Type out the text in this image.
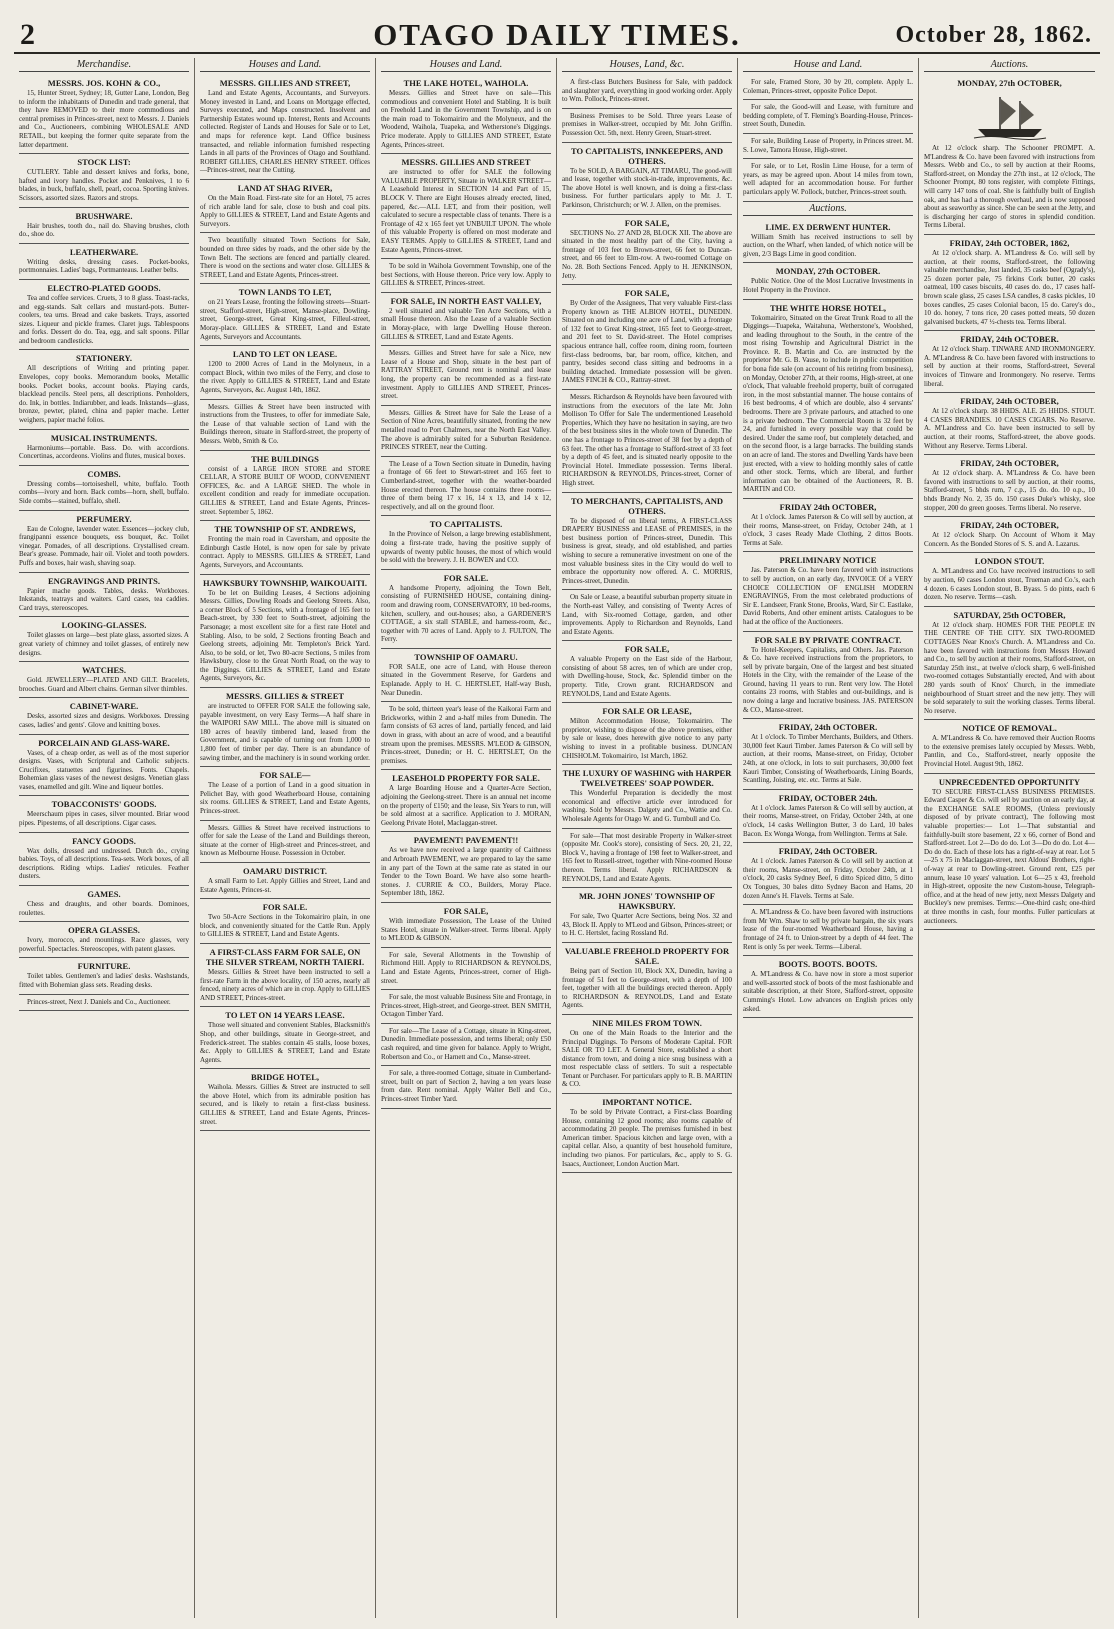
2	OTAGO DAILY TIMES.	October 28, 1862.
Merchandise.
MESSRS. JOS. KOHN & CO.,
15, Hunter Street, Sydney; 18, Gutter Lane, London, Beg to inform the inhabitants of Dunedin and trade general, that they have REMOVED to their more commodious and central premises in Princes-street, next to Messrs. J. Daniels and Co., Auctioneers, combining WHOLESALE AND RETAIL, but keeping the former quite separate from the latter department.
STOCK LIST:
CUTLERY. Table and dessert knives and forks, bone, hafted and ivory handles. Pocket and Penknives, 1 to 6 blades, in buck, buffalo, shell, pearl, cocoa. Sporting knives. Scissors, assorted sizes. Razors and strops.
BRUSHWARE.
Hair brushes, tooth do., nail do. Shaving brushes, cloth do., shoe do.
LEATHERWARE.
Writing desks, dressing cases. Pocket-books, portmonnaies. Ladies' bags, Portmanteaus. Leather belts.
ELECTRO-PLATED GOODS.
Tea and coffee services. Cruets, 3 to 8 glass. Toast-racks, and egg-stands. Salt cellars and mustard-pots. Butter-coolers, tea urns. Bread and cake baskets. Trays, assorted sizes. Liqueur and pickle frames. Claret jugs. Tablespoons and forks. Dessert do do. Tea, egg, and salt spoons. Pillar and bedroom candlesticks.
STATIONERY.
All descriptions of Writing and printing paper. Envelopes, copy books. Memorandum books, Metallic books. Pocket books, account books. Playing cards, blacklead pencils. Steel pens, all descriptions. Penholders, do. Ink, in bottles. Indiarubber, and leads. Inkstands—glass, bronze, pewter, plated, china and papier mache. Letter weighers, papier maché folios.
MUSICAL INSTRUMENTS.
Harmoniums—portable. Bass. Do. with accordions. Concertinas, accordeons. Violins and flutes, musical boxes.
COMBS.
Dressing combs—tortoiseshell, white, buffalo. Tooth combs—ivory and horn. Back combs—horn, shell, buffalo. Side combs—stained, buffalo, shell.
PERFUMERY.
Eau de Cologne, lavender water. Essences—jockey club, frangipanni essence bouquets, ess bouquet, &c. Toilet vinegar. Pomades, of all descriptions. Crystallised cream. Bear's grease. Pommade, hair oil. Violet and tooth powders. Puffs and boxes, hair wash, shaving soap.
ENGRAVINGS AND PRINTS.
Papier mache goods. Tables, desks. Workboxes. Inkstands, teatrays and waiters. Card cases, tea caddies. Card trays, stereoscopes.
LOOKING-GLASSES.
Toilet glasses on large—best plate glass, assorted sizes. A great variety of chimney and toilet glasses, of entirely new designs.
WATCHES.
Gold. JEWELLERY—PLATED AND GILT. Bracelets, brooches. Guard and Albert chains. German silver thimbles.
CABINET-WARE.
Desks, assorted sizes and designs. Workboxes. Dressing cases, ladies' and gents'. Glove and knitting boxes.
PORCELAIN AND GLASS-WARE.
Vases, of a cheap order, as well as of the most superior designs. Vases, with Scriptural and Catholic subjects. Crucifixes, statuettes and figurines. Fonts. Chapels. Bohemian glass vases of the newest designs. Venetian glass vases, enamelled and gilt. Wine and liqueur bottles.
TOBACCONISTS' GOODS.
Meerschaum pipes in cases, silver mounted. Briar wood pipes. Pipestems, of all descriptions. Cigar cases.
FANCY GOODS.
Wax dolls, dressed and undressed. Dutch do., crying babies. Toys, of all descriptions. Tea-sets. Work boxes, of all descriptions. Riding whips. Ladies' reticules. Feather dusters.
GAMES.
Chess and draughts, and other boards. Dominoes, roulettes.
OPERA GLASSES.
Ivory, morocco, and mountings. Race glasses, very powerful. Spectacles. Stereoscopes, with patent glasses.
FURNITURE.
Toilet tables. Gentlemen's and ladies' desks. Washstands, fitted with Bohemian glass sets. Reading desks.
Princes-street, Next J. Daniels and Co., Auctioneer.
Houses and Land.
MESSRS. GILLIES AND STREET,
Land and Estate Agents, Accountants, and Surveyors. Money invested in Land, and Loans on Mortgage effected, Surveys executed, and Maps constructed. Insolvent and Partnership Estates wound up. Interest, Rents and Accounts collected. Register of Lands and Houses for Sale or to Let, and maps for reference kept. Land Office business transacted, and reliable information furnished respecting Lands in all parts of the Provinces of Otago and Southland. ROBERT GILLIES, CHARLES HENRY STREET. Offices—Princes-street, near the Cutting.
LAND AT SHAG RIVER,
On the Main Road. First-rate site for an Hotel, 75 acres of rich arable land for sale, close to bush and coal pits. Apply to GILLIES & STREET, Land and Estate Agents and Surveyors.
Two beautifully situated Town Sections for Sale, bounded on three sides by roads, and the other side by the Town Belt. The sections are fenced and partially cleared. There is wood on the sections and water close. GILLIES & STREET, Land and Estate Agents, Princes-street.
TOWN LANDS TO LET,
on 21 Years Lease, fronting the following streets—Stuart-street, Stafford-street, High-street, Manse-place, Dowling-street, George-street, Great King-street, Filleul-street, Moray-place. GILLIES & STREET, Land and Estate Agents, Surveyors and Accountants.
LAND TO LET ON LEASE.
1200 to 2000 Acres of Land in the Molyneux, in a compact Block, within two miles of the Ferry, and close to the river. Apply to GILLIES & STREET, Land and Estate Agents, Surveyors, &c. August 14th, 1862.
Messrs. Gillies & Street have been instructed with instructions from the Trustees, to offer for immediate Sale, the Lease of that valuable section of Land with the Buildings thereon, situate in Stafford-street, the property of Messrs. Webb, Smith & Co.
THE BUILDINGS
consist of a LARGE IRON STORE and STORE CELLAR, A STORE BUILT OF WOOD, CONVENIENT OFFICES, &c. and A LARGE SHED. The whole in excellent condition and ready for immediate occupation. GILLIES & STREET, Land and Estate Agents, Princes-street. September 5, 1862.
THE TOWNSHIP OF ST. ANDREWS,
Fronting the main road in Caversham, and opposite the Edinburgh Castle Hotel, is now open for sale by private contract. Apply to MESSRS. GILLIES & STREET, Land Agents, Surveyors, and Accountants.
HAWKSBURY TOWNSHIP, WAIKOUAITI.
To be let on Building Leases, 4 Sections adjoining Messrs. Gillies, Dowling Roads and Geelong Streets. Also, a corner Block of 5 Sections, with a frontage of 165 feet to Beach-street, by 330 feet to South-street, adjoining the Parsonage; a most excellent site for a first rate Hotel and Stabling. Also, to be sold, 2 Sections fronting Beach and Geelong streets, adjoining Mr. Templeton's Brick Yard. Also, to be sold, or let, Two 80-acre Sections, 5 miles from Hawksbury, close to the Great North Road, on the way to the Diggings. GILLIES & STREET, Land and Estate Agents, Surveyors, &c.
MESSRS. GILLIES & STREET
are instructed to OFFER FOR SALE the following sale, payable investment, on very Easy Terms—A half share in the WAIPORI SAW MILL. The above mill is situated on 180 acres of heavily timbered land, leased from the Government, and is capable of turning out from 1,000 to 1,800 feet of timber per day. There is an abundance of sawing timber, and the machinery is in sound working order.
FOR SALE—
The Lease of a portion of Land in a good situation in Pelichet Bay, with good Weatherboard House, containing six rooms. GILLIES & STREET, Land and Estate Agents, Princes-street.
Messrs. Gillies & Street have received instructions to offer for sale the Lease of the Land and Buildings thereon, situate at the corner of High-street and Princes-street, and known as Melbourne House. Possession in October.
OAMARU DISTRICT.
A small Farm to Let. Apply Gillies and Street, Land and Estate Agents, Princes-st.
FOR SALE.
Two 50-Acre Sections in the Tokomairiro plain, in one block, and conveniently situated for the Cattle Run. Apply to GILLIES & STREET, Land and Estate Agents.
A FIRST-CLASS FARM FOR SALE, ON THE SILVER STREAM, NORTH TAIERI.
Messrs. Gillies & Street have been instructed to sell a first-rate Farm in the above locality, of 150 acres, nearly all fenced, ninety acres of which are in crop. Apply to GILLIES AND STREET, Princes-street.
TO LET ON 14 YEARS LEASE.
Those well situated and convenient Stables, Blacksmith's Shop, and other buildings, situate in George-street, and Frederick-street. The stables contain 45 stalls, loose boxes, &c. Apply to GILLIES & STREET, Land and Estate Agents.
BRIDGE HOTEL,
Waihola. Messrs. Gillies & Street are instructed to sell the above Hotel, which from its admirable position has secured, and is likely to retain a first-class business. GILLIES & STREET, Land and Estate Agents, Princes-street.
Houses and Land.
THE LAKE HOTEL, WAIHOLA.
Messrs. Gillies and Street have on sale—This commodious and convenient Hotel and Stabling. It is built on Freehold Land in the Government Township, and is on the main road to Tokomairiro and the Molyneux, and the Woodend, Waihola, Tuapeka, and Wetherstone's Diggings. Price moderate. Apply to GILLIES AND STREET, Estate Agents, Princes-street.
MESSRS. GILLIES AND STREET
are instructed to offer for SALE the following VALUABLE PROPERTY, Situate in WALKER STREET—A Leasehold Interest in SECTION 14 and Part of 15, BLOCK V. There are Eight Houses already erected, lined, papered, &c.—ALL LET, and from their position, well calculated to secure a respectable class of tenants. There is a Frontage of 42 x 165 feet yet UNBUILT UPON. The whole of this valuable Property is offered on most moderate and EASY TERMS. Apply to GILLIES & STREET, Land and Estate Agents, Princes-street.
To be sold in Waihola Government Township, one of the best Sections, with House thereon. Price very low. Apply to GILLIES & STREET, Princes-street.
FOR SALE, IN NORTH EAST VALLEY,
2 well situated and valuable Ten Acre Sections, with a small House thereon. Also the Lease of a valuable Section in Moray-place, with large Dwelling House thereon. GILLIES & STREET, Land and Estate Agents.
Messrs. Gillies and Street have for sale a Nice, new Lease of a House and Shop, situate in the best part of RATTRAY STREET, Ground rent is nominal and lease long, the property can be recommended as a first-rate investment. Apply to GILLIES AND STREET, Princes-street.
Messrs. Gillies & Street have for Sale the Lease of a Section of Nine Acres, beautifully situated, fronting the new metalled road to Port Chalmers, near the North East Valley. The above is admirably suited for a Suburban Residence. PRINCES STREET, near the Cutting.
The Lease of a Town Section situate in Dunedin, having a frontage of 66 feet to Stewart-street and 165 feet to Cumberland-street, together with the weather-boarded House erected thereon. The house contains three rooms—three of them being 17 x 16, 14 x 13, and 14 x 12, respectively, and all on the ground floor.
TO CAPITALISTS.
In the Province of Nelson, a large brewing establishment, doing a first-rate trade, having the positive supply of upwards of twenty public houses, the most of which would be sold with the brewery. J. H. BOWEN and CO.
FOR SALE.
A handsome Property, adjoining the Town Belt, consisting of FURNISHED HOUSE, containing dining-room and drawing room, CONSERVATORY, 10 bed-rooms, kitchen, scullery, and out-houses; also, a GARDENER'S COTTAGE, a six stall STABLE, and harness-room, &c., together with 70 acres of Land. Apply to J. FULTON, The Ferry.
TOWNSHIP OF OAMARU.
FOR SALE, one acre of Land, with House thereon situated in the Government Reserve, for Gardens and Esplanade. Apply to H. C. HERTSLET, Half-way Bush, Near Dunedin.
To be sold, thirteen year's lease of the Kaikorai Farm and Brickworks, within 2 and a-half miles from Dunedin. The farm consists of 63 acres of land, partially fenced, and laid down in grass, with about an acre of wood, and a beautiful stream upon the premises. MESSRS. M'LEOD & GIBSON, Princes-street, Dunedin; or H. C. HERTSLET, On the premises.
LEASEHOLD PROPERTY FOR SALE.
A large Boarding House and a Quarter-Acre Section, adjoining the Geelong-street. There is an annual net income on the property of £150; and the lease, Six Years to run, will be sold almost at a sacrifice. Application to J. MORAN, Geelong Private Hotel, Maclaggan-street.
PAVEMENT! PAVEMENT!!
As we have now received a large quantity of Caithness and Arbroath PAVEMENT, we are prepared to lay the same in any part of the Town at the same rate as stated in our Tender to the Town Board. We have also some hearth-stones. J. CURRIE & CO., Builders, Moray Place. September 18th, 1862.
FOR SALE,
With immediate Possession, The Lease of the United States Hotel, situate in Walker-street. Terms liberal. Apply to M'LEOD & GIBSON.
For sale, Several Allotments in the Township of Richmond Hill. Apply to RICHARDSON & REYNOLDS, Land and Estate Agents, Princes-street, corner of High-street.
For sale, the most valuable Business Site and Frontage, in Princes-street, High-street, and George-street. BEN SMITH, Octagon Timber Yard.
For sale—The Lease of a Cottage, situate in King-street, Dunedin. Immediate possession, and terms liberal; only £50 cash required, and time given for balance. Apply to Wright, Robertson and Co., or Harnett and Co., Manse-street.
For sale, a three-roomed Cottage, situate in Cumberland-street, built on part of Section 2, having a ten years lease from date. Rent nominal. Apply Walter Bell and Co., Princes-street Timber Yard.
Houses, Land, &c.
A first-class Butchers Business for Sale, with paddock and slaughter yard, everything in good working order. Apply to Wm. Pollock, Princes-street.
Business Premises to be Sold. Three years Lease of premises in Walker-street, occupied by Mr. John Griffin. Possession Oct. 5th, next. Henry Green, Stuart-street.
TO CAPITALISTS, INNKEEPERS, AND OTHERS.
To be SOLD, A BARGAIN, AT TIMARU, The good-will and lease, together with stock-in-trade, improvements, &c. The above Hotel is well known, and is doing a first-class business. For further particulars apply to Mr. J. T. Parkinson, Christchurch; or W. J. Allen, on the premises.
FOR SALE,
SECTIONS No. 27 AND 28, BLOCK XII. The above are situated in the most healthy part of the City, having a frontage of 103 feet to Brown-street, 66 feet to Duncan-street, and 66 feet to Elm-row. A two-roomed Cottage on No. 28. Both Sections Fenced. Apply to H. JENKINSON, Jetty.
FOR SALE,
By Order of the Assignees, That very valuable First-class Property known as THE ALBION HOTEL, DUNEDIN. Situated on and including one acre of Land, with a frontage of 132 feet to Great King-street, 165 feet to George-street, and 201 feet to St. David-street. The Hotel comprises spacious entrance hall, coffee room, dining room, fourteen first-class bedrooms, bar, bar room, office, kitchen, and pantry, besides second class sitting and bedrooms in a building detached. Immediate possession will be given. JAMES FINCH & CO., Rattray-street.
Messrs. Richardson & Reynolds have been favoured with instructions from the executors of the late Mr. John Mollison To Offer for Sale The undermentioned Leasehold Properties, Which they have no hesitation in saying, are two of the best business sites in the whole town of Dunedin. The one has a frontage to Princes-street of 38 feet by a depth of 63 feet. The other has a frontage to Stafford-street of 33 feet by a depth of 45 feet, and is situated nearly opposite to the Provincial Hotel. Immediate possession. Terms liberal. RICHARDSON & REYNOLDS, Princes-street, Corner of High street.
TO MERCHANTS, CAPITALISTS, AND OTHERS.
To be disposed of on liberal terms, A FIRST-CLASS DRAPERY BUSINESS and LEASE of PREMISES, in the best business portion of Princes-street, Dunedin. This business is great, steady, and old established, and parties wishing to secure a remunerative investment on one of the most valuable business sites in the City would do well to embrace the opportunity now offered. A. C. MORRIS, Princes-street, Dunedin.
On Sale or Lease, a beautiful suburban property situate in the North-east Valley, and consisting of Twenty Acres of Land, with Six-roomed Cottage, garden, and other improvements. Apply to Richardson and Reynolds, Land and Estate Agents.
FOR SALE,
A valuable Property on the East side of the Harbour, consisting of about 58 acres, ten of which are under crop, with Dwelling-house, Stock, &c. Splendid timber on the property. Title, Crown grant. RICHARDSON and REYNOLDS, Land and Estate Agents.
FOR SALE OR LEASE,
Milton Accommodation House, Tokomairiro. The proprietor, wishing to dispose of the above premises, either by sale or lease, does herewith give notice to any party wishing to invest in a profitable business. DUNCAN CHISHOLM. Tokomairiro, 1st March, 1862.
THE LUXURY OF WASHING with HARPER TWELVETREES' SOAP POWDER.
This Wonderful Preparation is decidedly the most economical and effective article ever introduced for washing. Sold by Messrs. Dalgety and Co., Wattie and Co. Wholesale Agents for Otago W. and G. Turnbull and Co.
For sale—That most desirable Property in Walker-street (opposite Mr. Cook's store), consisting of Secs. 20, 21, 22, Block V., having a frontage of 198 feet to Walker-street, and 165 feet to Russell-street, together with Nine-roomed House thereon. Terms liberal. Apply RICHARDSON & REYNOLDS, Land and Estate Agents.
MR. JOHN JONES' TOWNSHIP OF HAWKSBURY.
For sale, Two Quarter Acre Sections, being Nos. 32 and 43, Block II. Apply to M'Leod and Gibson, Princes-street; or to H. C. Hertslet, facing Rossland Rd.
VALUABLE FREEHOLD PROPERTY FOR SALE.
Being part of Section 10, Block XX, Dunedin, having a frontage of 51 feet to George-street, with a depth of 100 feet, together with all the buildings erected thereon. Apply to RICHARDSON & REYNOLDS, Land and Estate Agents.
NINE MILES FROM TOWN.
On one of the Main Roads to the Interior and the Principal Diggings. To Persons of Moderate Capital. FOR SALE OR TO LET. A General Store, established a short distance from town, and doing a nice snug business with a most respectable class of settlers. To suit a respectable Tenant or Purchaser. For particulars apply to R. B. MARTIN & CO.
IMPORTANT NOTICE.
To be sold by Private Contract, a First-class Boarding House, containing 12 good rooms; also rooms capable of accommodating 20 people. The premises furnished in best American timber. Spacious kitchen and large oven, with a capital cellar. Also, a quantity of best household furniture, including two pianos. For particulars, &c., apply to S. G. Isaacs, Auctioneer, London Auction Mart.
House and Land.
For sale, Framed Store, 30 by 20, complete. Apply L. Coleman, Princes-street, opposite Police Depot.
For sale, the Good-will and Lease, with furniture and bedding complete, of T. Fleming's Boarding-House, Princes-street South, Dunedin.
For sale, Building Lease of Property, in Princes street. M. S. Lowe, Tamora House, High-street.
For sale, or to Let, Roslin Lime House, for a term of years, as may be agreed upon. About 14 miles from town, well adapted for an accommodation house. For further particulars apply W. Pollock, butcher, Princes-street south.
Auctions.
LIME. EX DERWENT HUNTER.
William Smith has received instructions to sell by auction, on the Wharf, when landed, of which notice will be given, 2/3 Bags Lime in good condition.
MONDAY, 27th OCTOBER.
Public Notice. One of the Most Lucrative Investments in Hotel Property in the Province.
THE WHITE HORSE HOTEL,
Tokomairiro, Situated on the Great Trunk Road to all the Diggings—Tuapeka, Waitahuna, Wetherstone's, Woolshed, and leading throughout to the South, in the centre of the most rising Township and Agricultural District in the Province. R. B. Martin and Co. are instructed by the proprietor Mr. G. B. Vause, to include in public competition for bona fide sale (on account of his retiring from business), on Monday, October 27th, at their rooms, High-street, at one o'clock, That valuable freehold property, built of corrugated iron, in the most substantial manner. The house contains of 16 best bedrooms, 4 of which are double, also 4 servants' bedrooms. There are 3 private parlours, and attached to one is a private bedroom. The Commercial Room is 32 feet by 24, and furnished in every possible way that could be desired. Under the same roof, but completely detached, and on the second floor, is a large barracks. The building stands on an acre of land. The stores and Dwelling Yards have been just erected, with a view to holding monthly sales of cattle and other stock. Terms, which are liberal, and further information can be obtained of the Auctioneers, R. B. MARTIN and CO.
FRIDAY 24th OCTOBER,
At 1 o'clock. James Paterson & Co will sell by auction, at their rooms, Manse-street, on Friday, October 24th, at 1 o'clock, 3 cases Ready Made Clothing, 2 dittos Boots. Terms at Sale.
PRELIMINARY NOTICE
Jas. Paterson & Co. have been favored with instructions to sell by auction, on an early day, INVOICE Of a VERY CHOICE COLLECTION OF ENGLISH MODERN ENGRAVINGS, From the most celebrated productions of Sir E. Landseer, Frank Stone, Brooks, Ward, Sir C. Eastlake, David Roberts, And other eminent artists. Catalogues to be had at the office of the Auctioneers.
FOR SALE BY PRIVATE CONTRACT.
To Hotel-Keepers, Capitalists, and Others. Jas. Paterson & Co. have received instructions from the proprietors, to sell by private bargain, One of the largest and best situated Hotels in the City, with the remainder of the Lease of the Ground, having 11 years to run. Rent very low. The Hotel contains 23 rooms, with Stables and out-buildings, and is now doing a large and lucrative business. JAS. PATERSON & CO., Manse-street.
FRIDAY, 24th OCTOBER.
At 1 o'clock. To Timber Merchants, Builders, and Others. 30,000 feet Kauri Timber. James Paterson & Co will sell by auction, at their rooms, Manse-street, on Friday, October 24th, at one o'clock, in lots to suit purchasers, 30,000 feet Kauri Timber, Consisting of Weatherboards, Lining Boards, Scantling, Joisting, etc. etc. Terms at Sale.
FRIDAY, OCTOBER 24th.
At 1 o'clock. James Paterson & Co will sell by auction, at their rooms, Manse-street, on Friday, October 24th, at one o'clock, 14 casks Wellington Butter, 3 do Lard, 10 bales Bacon. Ex Wonga Wonga, from Wellington. Terms at Sale.
FRIDAY, 24th OCTOBER.
At 1 o'clock. James Paterson & Co will sell by auction at their rooms, Manse-street, on Friday, October 24th, at 1 o'clock, 20 casks Sydney Beef, 6 ditto Spiced ditto, 5 ditto Ox Tongues, 30 bales ditto Sydney Bacon and Hams, 20 dozen Anne's H. Flavels. Terms at Sale.
A. M'Landress & Co. have been favored with instructions from Mr Wm. Shaw to sell by private bargain, the six years lease of the four-roomed Weatherboard House, having a frontage of 24 ft. to Union-street by a depth of 44 feet. The Rent is only 5s per week. Terms—Liberal.
BOOTS. BOOTS. BOOTS.
A. M'Landress & Co. have now in store a most superior and well-assorted stock of boots of the most fashionable and suitable description, at their Store, Stafford-street, opposite Cumming's Hotel. Low advances on English prices only asked.
Auctions.
MONDAY, 27th OCTOBER,
At 12 o'clock sharp. The Schooner PROMPT. A. M'Landress & Co. have been favored with instructions from Messrs. Webb and Co., to sell by auction at their Rooms, Stafford-street, on Monday the 27th inst., at 12 o'clock, The Schooner Prompt, 80 tons register, with complete Fittings, will carry 147 tons of coal. She is faithfully built of English oak, and has had a thorough overhaul, and is now supposed about as seaworthy as since. She can be seen at the Jetty, and is discharging her cargo of stores in splendid condition. Terms Liberal.
FRIDAY, 24th OCTOBER, 1862,
At 12 o'clock sharp. A. M'Landress & Co. will sell by auction, at their rooms, Stafford-street, the following valuable merchandise, Just landed, 35 casks beef (Ogrady's), 25 dozen porter pale, 75 firkins Cork butter, 20 casks oatmeal, 100 cases biscuits, 40 cases do. do., 17 cases half-brown scale glass, 25 cases LSA candles, 8 casks pickles, 10 boxes candles, 25 cases Colonial bacon, 15 do. Carey's do., 10 do. honey, 7 tons rice, 20 cases potted meats, 50 dozen galvanised buckets, 47 ½-chests tea. Terms liberal.
FRIDAY, 24th OCTOBER.
At 12 o'clock Sharp. TINWARE AND IRONMONGERY. A. M'Landress & Co. have been favored with instructions to sell by auction at their rooms, Stafford-street, Several invoices of Tinware and Ironmongery. No reserve. Terms liberal.
FRIDAY, 24th OCTOBER,
At 12 o'clock sharp. 38 HHDS. ALE. 25 HHDS. STOUT. 4 CASES BRANDIES. 10 CASES CIGARS. No Reserve. A. M'Landress and Co. have been instructed to sell by auction, at their rooms, Stafford-street, the above goods. Without any Reserve. Terms Liberal.
FRIDAY, 24th OCTOBER,
At 12 o'clock sharp. A. M'Landress & Co. have been favored with instructions to sell by auction, at their rooms, Stafford-street, 5 bhds rum, 7 c.p., 15 do. do. 10 o.p., 10 bhds Brandy No. 2, 35 do. 150 cases Duke's whisky, sloe stopper, 200 do green gooses. Terms liberal. No reserve.
FRIDAY, 24th OCTOBER,
At 12 o'clock Sharp. On Account of Whom it May Concern. As the Bonded Stores of S. S. and A. Lazarus.
LONDON STOUT.
A. M'Landress and Co. have received instructions to sell by auction, 60 cases London stout, Trueman and Co.'s, each 4 dozen. 6 cases London stout, B. Byass. 5 do pints, each 6 dozen. No reserve. Terms—cash.
SATURDAY, 25th OCTOBER,
At 12 o'clock sharp. HOMES FOR THE PEOPLE IN THE CENTRE OF THE CITY. SIX TWO-ROOMED COTTAGES Near Knox's Church. A. M'Landress and Co. have been favored with instructions from Messrs Howard and Co., to sell by auction at their rooms, Stafford-street, on Saturday 25th inst., at twelve o'clock sharp, 6 well-finished two-roomed cottages Substantially erected, And with about 280 yards south of Knox' Church, in the immediate neighbourhood of Stuart street and the new jetty. They will be sold separately to suit the working classes. Terms liberal. No reserve.
NOTICE OF REMOVAL.
A. M'Landress & Co. have removed their Auction Rooms to the extensive premises lately occupied by Messrs. Webb, Pantlin, and Co., Stafford-street, nearly opposite the Provincial Hotel. August 9th, 1862.
UNPRECEDENTED OPPORTUNITY
TO SECURE FIRST-CLASS BUSINESS PREMISES. Edward Casper & Co. will sell by auction on an early day, at the EXCHANGE SALE ROOMS, (Unless previously disposed of by private contract), The following most valuable properties:— Lot 1—That substantial and faithfully-built store basement, 22 x 66, corner of Bond and Stafford-street. Lot 2—Do do do. Lot 3—Do do do. Lot 4—Do do do. Each of these lots has a right-of-way at rear. Lot 5—25 x 75 in Maclaggan-street, next Aldous' Brothers, right-of-way at rear to Dowling-street. Ground rent, £25 per annum, lease 10 years' valuation. Lot 6—25 x 43, freehold in High-street, opposite the new Custom-house, Telegraph-office, and at the head of new jetty, next Messrs Dalgety and Buckley's new premises. Terms:—One-third cash; one-third at three months in cash, four months. Fuller particulars at auctioneers.
